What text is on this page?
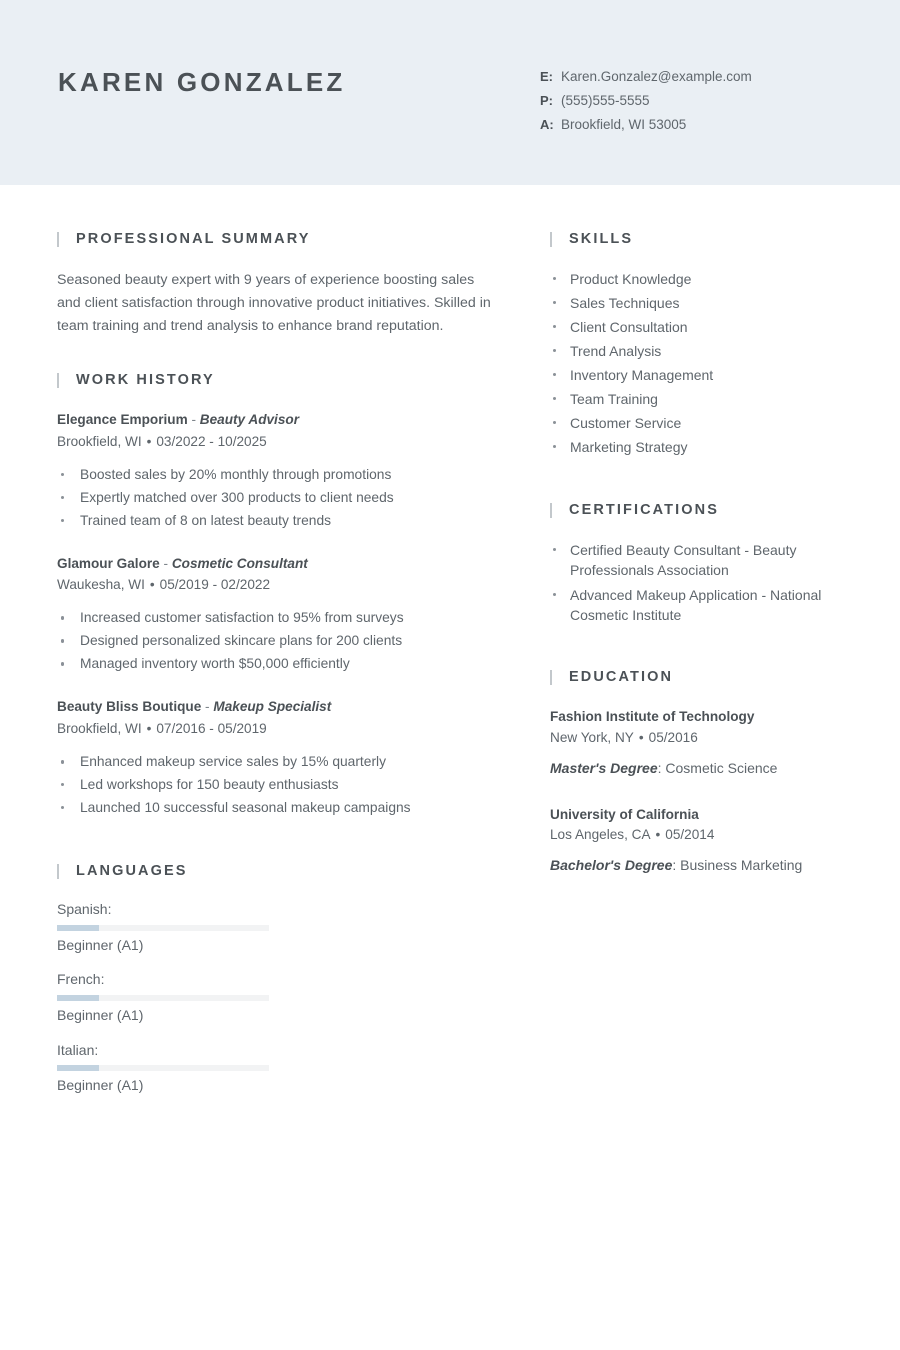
KAREN GONZALEZ	E: Karen.Gonzalez@example.com
P: (555)555-5555
A: Brookfield, WI 53005
PROFESSIONAL SUMMARY
Seasoned beauty expert with 9 years of experience boosting sales and client satisfaction through innovative product initiatives. Skilled in team training and trend analysis to enhance brand reputation.
WORK HISTORY
Elegance Emporium - Beauty Advisor
Brookfield, WI • 03/2022 - 10/2025
Boosted sales by 20% monthly through promotions
Expertly matched over 300 products to client needs
Trained team of 8 on latest beauty trends
Glamour Galore - Cosmetic Consultant
Waukesha, WI • 05/2019 - 02/2022
Increased customer satisfaction to 95% from surveys
Designed personalized skincare plans for 200 clients
Managed inventory worth $50,000 efficiently
Beauty Bliss Boutique - Makeup Specialist
Brookfield, WI • 07/2016 - 05/2019
Enhanced makeup service sales by 15% quarterly
Led workshops for 150 beauty enthusiasts
Launched 10 successful seasonal makeup campaigns
LANGUAGES
Spanish:
Beginner (A1)
French:
Beginner (A1)
Italian:
Beginner (A1)
SKILLS
Product Knowledge
Sales Techniques
Client Consultation
Trend Analysis
Inventory Management
Team Training
Customer Service
Marketing Strategy
CERTIFICATIONS
Certified Beauty Consultant - Beauty Professionals Association
Advanced Makeup Application - National Cosmetic Institute
EDUCATION
Fashion Institute of Technology
New York, NY • 05/2016
Master's Degree: Cosmetic Science
University of California
Los Angeles, CA • 05/2014
Bachelor's Degree: Business Marketing
